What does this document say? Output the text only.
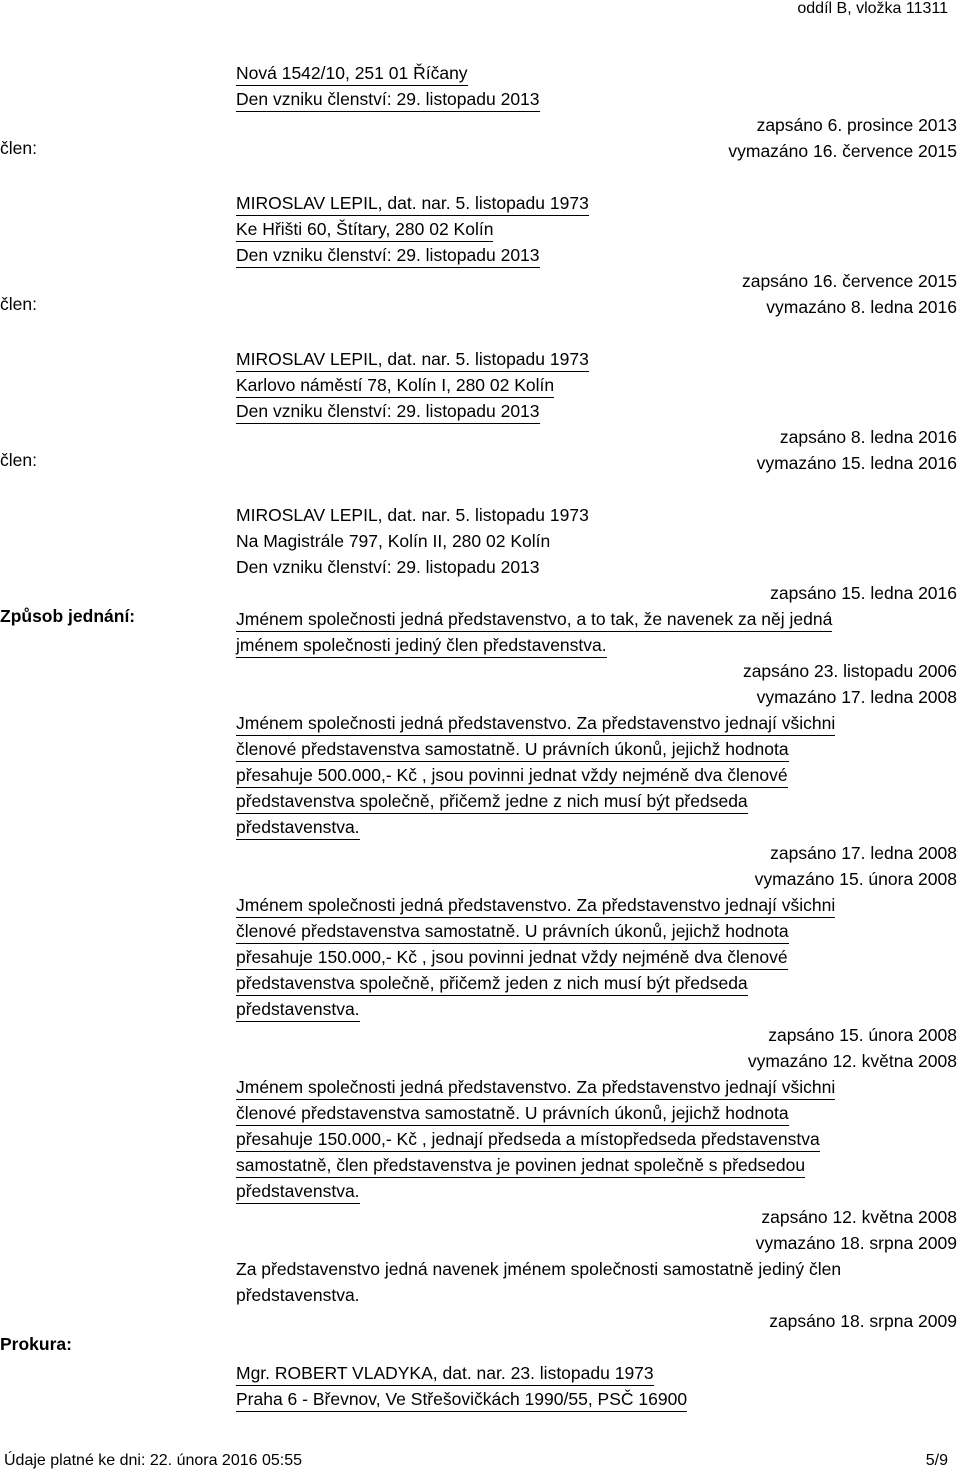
oddíl B, vložka 11311
Nová 1542/10, 251 01 Říčany
Den vzniku členství: 29. listopadu 2013
zapsáno 6. prosince 2013
vymazáno 16. července 2015
člen:
MIROSLAV LEPIL, dat. nar. 5. listopadu 1973
Ke Hřišti 60, Štítary, 280 02 Kolín
Den vzniku členství: 29. listopadu 2013
zapsáno 16. července 2015
vymazáno 8. ledna 2016
člen:
MIROSLAV LEPIL, dat. nar. 5. listopadu 1973
Karlovo náměstí 78, Kolín I, 280 02 Kolín
Den vzniku členství: 29. listopadu 2013
zapsáno 8. ledna 2016
vymazáno 15. ledna 2016
člen:
MIROSLAV LEPIL, dat. nar. 5. listopadu 1973
Na Magistrále 797, Kolín II, 280 02 Kolín
Den vzniku členství: 29. listopadu 2013
zapsáno 15. ledna 2016
Způsob jednání:	Jménem společnosti jedná představenstvo, a to tak, že navenek za něj jedná
jménem společnosti jediný člen představenstva.
zapsáno 23. listopadu 2006
vymazáno 17. ledna 2008
Jménem společnosti jedná představenstvo. Za představenstvo jednají všichni
členové představenstva samostatně. U právních úkonů, jejichž hodnota
přesahuje 500.000,- Kč , jsou povinni jednat vždy nejméně dva členové
představenstva společně, přičemž jedne z nich musí být předseda
představenstva.
zapsáno 17. ledna 2008
vymazáno 15. února 2008
Jménem společnosti jedná představenstvo. Za představenstvo jednají všichni
členové představenstva samostatně. U právních úkonů, jejichž hodnota
přesahuje 150.000,- Kč , jsou povinni jednat vždy nejméně dva členové
představenstva společně, přičemž jeden z nich musí být předseda
představenstva.
zapsáno 15. února 2008
vymazáno 12. května 2008
Jménem společnosti jedná představenstvo. Za představenstvo jednají všichni
členové představenstva samostatně. U právních úkonů, jejichž hodnota
přesahuje 150.000,- Kč , jednají předseda a místopředseda představenstva
samostatně, člen představenstva je povinen jednat společně s předsedou
představenstva.
zapsáno 12. května 2008
vymazáno 18. srpna 2009
Za představenstvo jedná navenek jménem společnosti samostatně jediný člen
představenstva.
zapsáno 18. srpna 2009
Prokura:
Mgr. ROBERT VLADYKA, dat. nar. 23. listopadu 1973
Praha 6 - Břevnov, Ve Střešovičkách 1990/55, PSČ 16900
Údaje platné ke dni: 22. února 2016 05:55	5/9
